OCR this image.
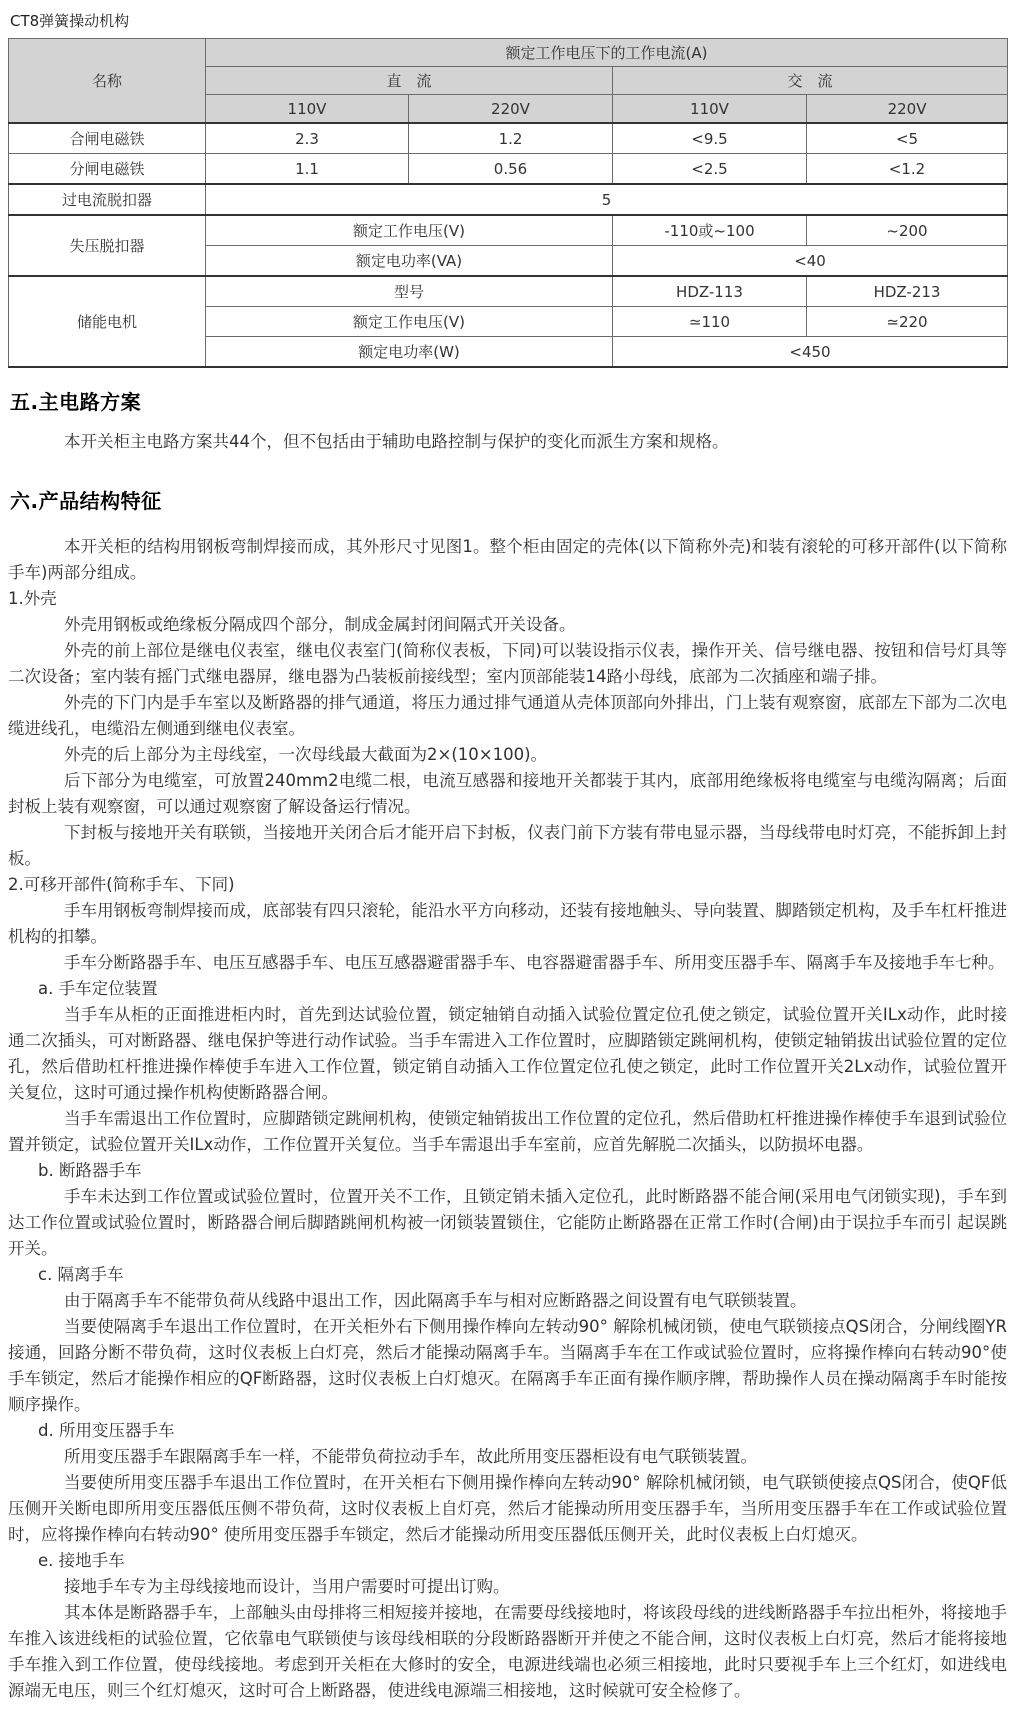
CT8弹簧操动机构
名称	额定工作电压下的工作电流(A)			
	直　流		交　流	
	110V	220V	110V	220V
合闸电磁铁	2.3	1.2	<9.5	<5
分闸电磁铁	1.1	0.56	<2.5	<1.2
过电流脱扣器	5			
失压脱扣器	额定工作电压(V)		-110或~100	~200
	额定电功率(VA)		<40	
储能电机	型号		HDZ-113	HDZ-213
	额定工作电压(V)		≃110	≃220
	额定电功率(W)		<450	
五.主电路方案

本开关柜主电路方案共44个，但不包括由于辅助电路控制与保护的变化而派生方案和规格。

六.产品结构特征

本开关柜的结构用钢板弯制焊接而成，其外形尺寸见图1。整个柜由固定的壳体(以下简称外壳)和装有滚轮的可移开部件(以下简称手车)两部分组成。

1.外壳

外壳用钢板或绝缘板分隔成四个部分，制成金属封闭间隔式开关设备。

外壳的前上部位是继电仪表室，继电仪表室门(简称仪表板，下同)可以装设指示仪表，操作开关、信号继电器、按钮和信号灯具等二次设备；室内装有摇门式继电器屏，继电器为凸装板前接线型；室内顶部能装14路小母线，底部为二次插座和端子排。

外壳的下门内是手车室以及断路器的排气通道，将压力通过排气通道从壳体顶部向外排出，门上装有观察窗，底部左下部为二次电缆进线孔，电缆沿左侧通到继电仪表室。

外壳的后上部分为主母线室，一次母线最大截面为2×(10×100)。

后下部分为电缆室，可放置240mm2电缆二根，电流互感器和接地开关都装于其内，底部用绝缘板将电缆室与电缆沟隔离；后面封板上装有观察窗，可以通过观察窗了解设备运行情况。

下封板与接地开关有联锁，当接地开关闭合后才能开启下封板，仪表门前下方装有带电显示器，当母线带电时灯亮，不能拆卸上封板。

2.可移开部件(简称手车、下同)

手车用钢板弯制焊接而成，底部装有四只滚轮，能沿水平方向移动，还装有接地触头、导向装置、脚踏锁定机构，及手车杠杆推进机构的扣攀。

手车分断路器手车、电压互感器手车、电压互感器避雷器手车、电容器避雷器手车、所用变压器手车、隔离手车及接地手车七种。

a. 手车定位装置

当手车从柜的正面推进柜内时，首先到达试验位置，锁定轴销自动插入试验位置定位孔使之锁定，试验位置开关ILx动作，此时接通二次插头，可对断路器、继电保护等进行动作试验。当手车需进入工作位置时，应脚踏锁定跳闸机构，使锁定轴销拔出试验位置的定位孔，然后借助杠杆推进操作棒使手车进入工作位置，锁定销自动插入工作位置定位孔使之锁定，此时工作位置开关2Lx动作，试验位置开关复位，这时可通过操作机构使断路器合闸。

当手车需退出工作位置时，应脚踏锁定跳闸机构，使锁定轴销拔出工作位置的定位孔，然后借助杠杆推进操作棒使手车退到试验位置并锁定，试验位置开关ILx动作，工作位置开关复位。当手车需退出手车室前，应首先解脱二次插头，以防损坏电器。

b. 断路器手车

手车未达到工作位置或试验位置时，位置开关不工作，且锁定销未插入定位孔，此时断路器不能合闸(采用电气闭锁实现)，手车到达工作位置或试验位置时，断路器合闸后脚踏跳闸机构被一闭锁装置锁住，它能防止断路器在正常工作时(合闸)由于误拉手车而引 起误跳开关。

c. 隔离手车

由于隔离手车不能带负荷从线路中退出工作，因此隔离手车与相对应断路器之间设置有电气联锁装置。

当要使隔离手车退出工作位置时，在开关柜外右下侧用操作棒向左转动90° 解除机械闭锁，使电气联锁接点QS闭合，分闸线圈YR接通，回路分断不带负荷，这时仪表板上白灯亮，然后才能操动隔离手车。当隔离手车在工作或试验位置时，应将操作棒向右转动90°使手车锁定，然后才能操作相应的QF断路器，这时仪表板上白灯熄灭。在隔离手车正面有操作顺序牌，帮助操作人员在操动隔离手车时能按顺序操作。

d. 所用变压器手车

所用变压器手车跟隔离手车一样，不能带负荷拉动手车，故此所用变压器柜设有电气联锁装置。

当要使所用变压器手车退出工作位置时，在开关柜右下侧用操作棒向左转动90° 解除机械闭锁，电气联锁使接点QS闭合，使QF低压侧开关断电即所用变压器低压侧不带负荷，这时仪表板上自灯亮，然后才能操动所用变压器手车，当所用变压器手车在工作或试验位置时，应将操作棒向右转动90° 使所用变压器手车锁定，然后才能操动所用变压器低压侧开关，此时仪表板上白灯熄灭。

e. 接地手车

接地手车专为主母线接地而设计，当用户需要时可提出订购。

其本体是断路器手车，上部触头由母排将三相短接并接地，在需要母线接地时，将该段母线的进线断路器手车拉出柜外，将接地手车推入该进线柜的试验位置，它依靠电气联锁使与该母线相联的分段断路器断开并使之不能合闸，这时仪表板上白灯亮，然后才能将接地手车推入到工作位置，使母线接地。考虑到开关柜在大修时的安全，电源进线端也必须三相接地，此时只要视手车上三个红灯，如进线电源端无电压，则三个红灯熄灭，这时可合上断路器，使进线电源端三相接地，这时候就可安全检修了。
